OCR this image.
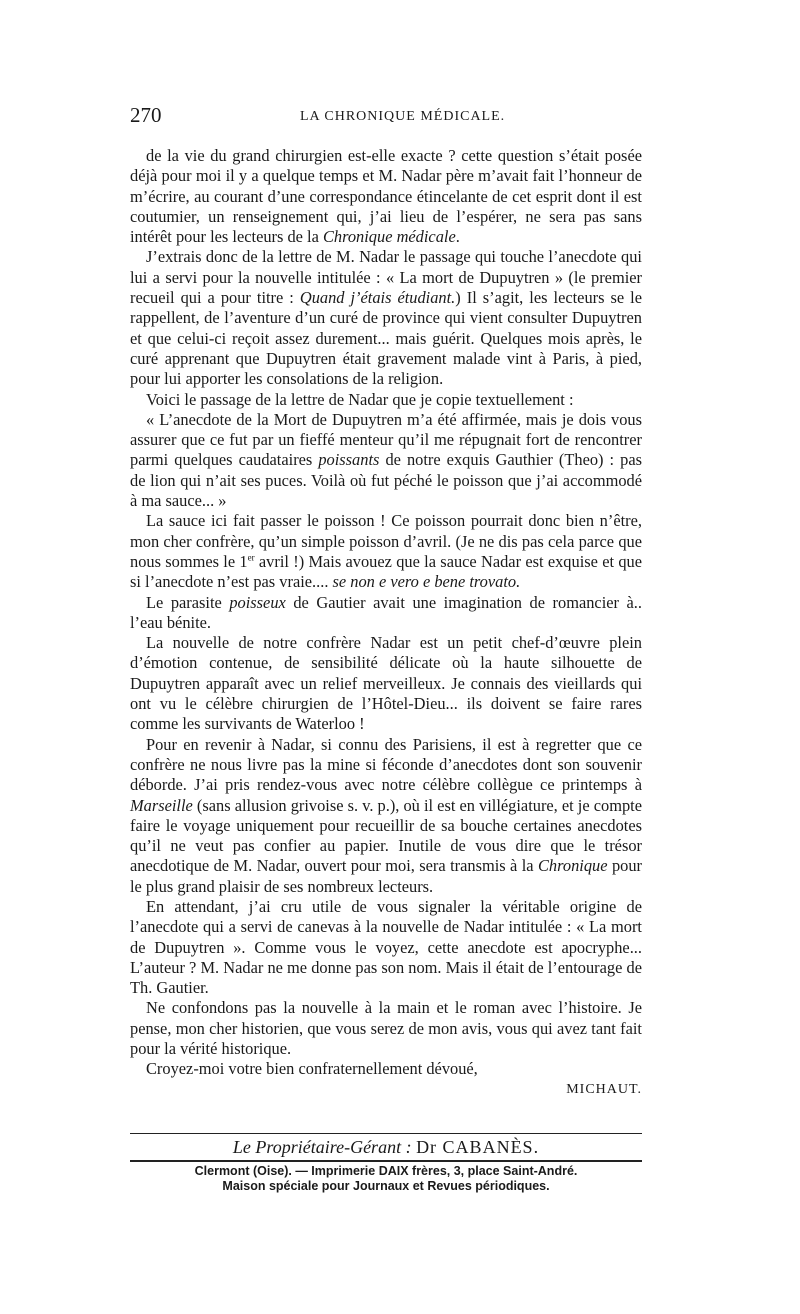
270	LA CHRONIQUE MÉDICALE.

de la vie du grand chirurgien est-elle exacte ? cette question s’était posée déjà pour moi il y a quelque temps et M. Nadar père m’avait fait l’honneur de m’écrire, au courant d’une correspondance étincelante de cet esprit dont il est coutumier, un renseignement qui, j’ai lieu de l’espérer, ne sera pas sans intérêt pour les lecteurs de la Chronique médicale.

J’extrais donc de la lettre de M. Nadar le passage qui touche l’anecdote qui lui a servi pour la nouvelle intitulée : « La mort de Dupuytren » (le premier recueil qui a pour titre : Quand j’étais étudiant.) Il s’agit, les lecteurs se le rappellent, de l’aventure d’un curé de province qui vient consulter Dupuytren et que celui-ci reçoit assez durement... mais guérit. Quelques mois après, le curé apprenant que Dupuytren était gravement malade vint à Paris, à pied, pour lui apporter les consolations de la religion.

Voici le passage de la lettre de Nadar que je copie textuellement :

« L’anecdote de la Mort de Dupuytren m’a été affirmée, mais je dois vous assurer que ce fut par un fieffé menteur qu’il me répugnait fort de rencontrer parmi quelques caudataires poissants de notre exquis Gauthier (Theo) : pas de lion qui n’ait ses puces. Voilà où fut péché le poisson que j’ai accommodé à ma sauce... »

La sauce ici fait passer le poisson ! Ce poisson pourrait donc bien n’être, mon cher confrère, qu’un simple poisson d’avril. (Je ne dis pas cela parce que nous sommes le 1er avril !) Mais avouez que la sauce Nadar est exquise et que si l’anecdote n’est pas vraie.... se non e vero e bene trovato.

Le parasite poisseux de Gautier avait une imagination de romancier à.. l’eau bénite.

La nouvelle de notre confrère Nadar est un petit chef-d’œuvre plein d’émotion contenue, de sensibilité délicate où la haute silhouette de Dupuytren apparaît avec un relief merveilleux. Je connais des vieillards qui ont vu le célèbre chirurgien de l’Hôtel-Dieu... ils doivent se faire rares comme les survivants de Waterloo !

Pour en revenir à Nadar, si connu des Parisiens, il est à regretter que ce confrère ne nous livre pas la mine si féconde d’anecdotes dont son souvenir déborde. J’ai pris rendez-vous avec notre célèbre collègue ce printemps à Marseille (sans allusion grivoise s. v. p.), où il est en villégiature, et je compte faire le voyage uniquement pour recueillir de sa bouche certaines anecdotes qu’il ne veut pas confier au papier. Inutile de vous dire que le trésor anecdotique de M. Nadar, ouvert pour moi, sera transmis à la Chronique pour le plus grand plaisir de ses nombreux lecteurs.

En attendant, j’ai cru utile de vous signaler la véritable origine de l’anecdote qui a servi de canevas à la nouvelle de Nadar intitulée : « La mort de Dupuytren ». Comme vous le voyez, cette anecdote est apocryphe... L’auteur ? M. Nadar ne me donne pas son nom. Mais il était de l’entourage de Th. Gautier.

Ne confondons pas la nouvelle à la main et le roman avec l’histoire. Je pense, mon cher historien, que vous serez de mon avis, vous qui avez tant fait pour la vérité historique.

Croyez-moi votre bien confraternellement dévoué,

MICHAUT.

Le Propriétaire-Gérant : Dr CABANÈS.
Clermont (Oise). — Imprimerie DAIX frères, 3, place Saint-André.
Maison spéciale pour Journaux et Revues périodiques.
